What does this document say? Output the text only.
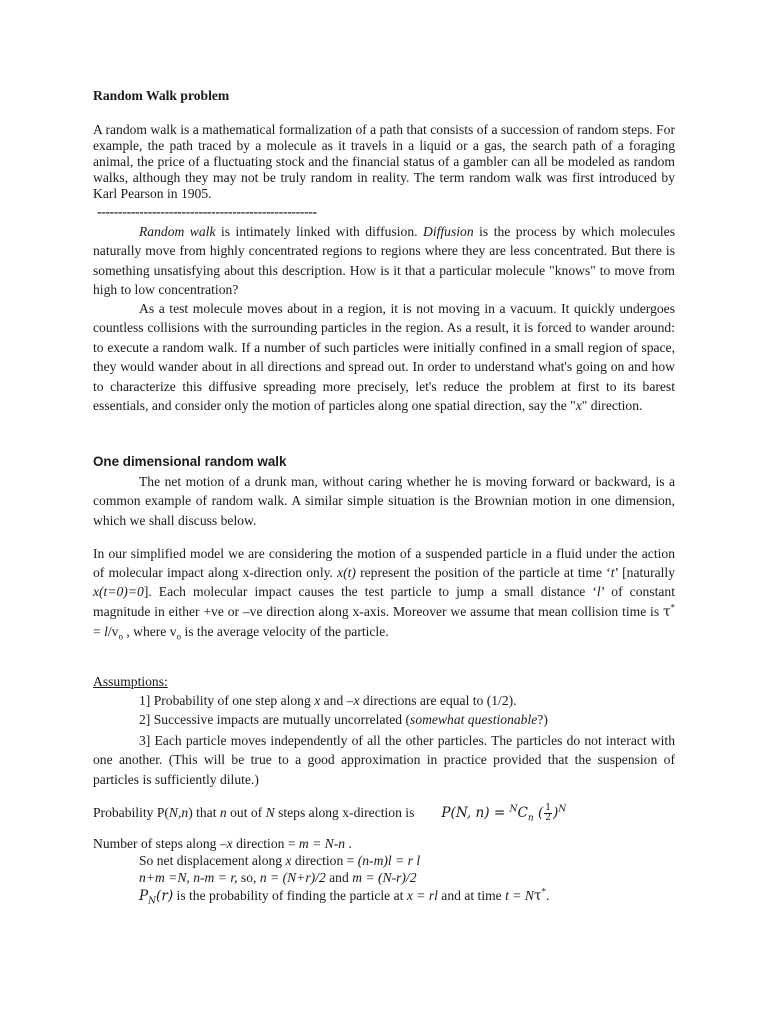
Random Walk problem

A random walk is a mathematical formalization of a path that consists of a succession of random steps. For example, the path traced by a molecule as it travels in a liquid or a gas, the search path of a foraging animal, the price of a fluctuating stock and the financial status of a gambler can all be modeled as random walks, although they may not be truly random in reality. The term random walk was first introduced by Karl Pearson in 1905.

----------------------------------------------------

Random walk is intimately linked with diffusion. Diffusion is the process by which molecules naturally move from highly concentrated regions to regions where they are less concentrated. But there is something unsatisfying about this description. How is it that a particular molecule "knows" to move from high to low concentration?

As a test molecule moves about in a region, it is not moving in a vacuum. It quickly undergoes countless collisions with the surrounding particles in the region. As a result, it is forced to wander around: to execute a random walk. If a number of such particles were initially confined in a small region of space, they would wander about in all directions and spread out. In order to understand what's going on and how to characterize this diffusive spreading more precisely, let's reduce the problem at first to its barest essentials, and consider only the motion of particles along one spatial direction, say the "x" direction.

One dimensional random walk

The net motion of a drunk man, without caring whether he is moving forward or backward, is a common example of random walk. A similar simple situation is the Brownian motion in one dimension, which we shall discuss below.

In our simplified model we are considering the motion of a suspended particle in a fluid under the action of molecular impact along x-direction only. x(t) represent the position of the particle at time ‘t’ [naturally x(t=0)=0]. Each molecular impact causes the test particle to jump a small distance ‘l’ of constant magnitude in either +ve or –ve direction along x-axis. Moreover we assume that mean collision time is $\tau^* = l/v_o$ , where $v_o$ is the average velocity of the particle.

Assumptions:

1] Probability of one step along x and –x directions are equal to (1/2).

2] Successive impacts are mutually uncorrelated (somewhat questionable?)

3] Each particle moves independently of all the other particles. The particles do not interact with one another. (This will be true to a good approximation in practice provided that the suspension of particles is sufficiently dilute.)

Probability P(N,n) that n out of N steps along x-direction is P(N, $n) = ^NC_n$ ( $\frac{1}{2} )^N$
Number of steps along –x direction = m = N-n .
So net displacement along x direction = (n-m)l = r l
n+m =N, n-m = r, so, n = (N+r)/2 and m = (N-r)/2
$P_N(r)$ is the probability of finding the particle at x = rl and at time t = Nτ*.
